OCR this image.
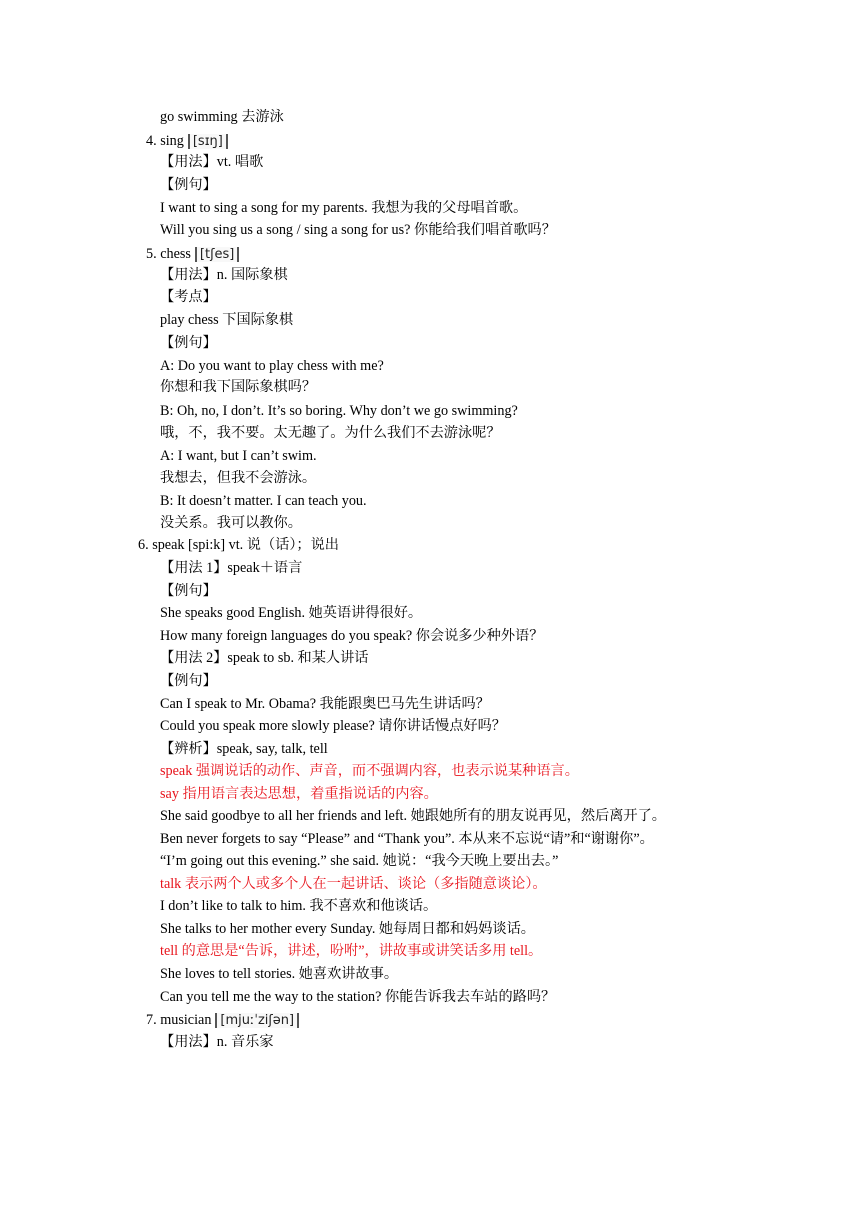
go swimming 去游泳
4. sing [sɪŋ]
【用法】vt. 唱歌
【例句】
I want to sing a song for my parents. 我想为我的父母唱首歌。
Will you sing us a song / sing a song for us? 你能给我们唱首歌吗？
5. chess [tʃes]
【用法】n. 国际象棋
【考点】
play chess 下国际象棋
【例句】
A: Do you want to play chess with me?
你想和我下国际象棋吗？
B: Oh, no, I don’t. It’s so boring. Why don’t we go swimming?
哦，不，我不要。太无趣了。为什么我们不去游泳呢？
A: I want, but I can’t swim.
我想去，但我不会游泳。
B: It doesn’t matter. I can teach you.
没关系。我可以教你。
6. speak [spi:k] vt. 说（话）；说出
【用法 1】speak＋语言
【例句】
She speaks good English. 她英语讲得很好。
How many foreign languages do you speak? 你会说多少种外语？
【用法 2】speak to sb. 和某人讲话
【例句】
Can I speak to Mr. Obama? 我能跟奥巴马先生讲话吗？
Could you speak more slowly please? 请你讲话慢点好吗？
【辨析】speak, say, talk, tell
speak 强调说话的动作、声音，而不强调内容，也表示说某种语言。
say 指用语言表达思想，着重指说话的内容。
She said goodbye to all her friends and left. 她跟她所有的朋友说再见，然后离开了。
Ben never forgets to say “Please” and “Thank you”. 本从来不忘说“请”和“谢谢你”。
“I’m going out this evening.” she said. 她说：“我今天晚上要出去。”
talk 表示两个人或多个人在一起讲话、谈论（多指随意谈论）。
I don’t like to talk to him. 我不喜欢和他谈话。
She talks to her mother every Sunday. 她每周日都和妈妈谈话。
tell 的意思是“告诉，讲述，吩咐”，讲故事或讲笑话多用 tell。
She loves to tell stories. 她喜欢讲故事。
Can you tell me the way to the station? 你能告诉我去车站的路吗？
7. musician [mjuːˈziʃən]
【用法】n. 音乐家
